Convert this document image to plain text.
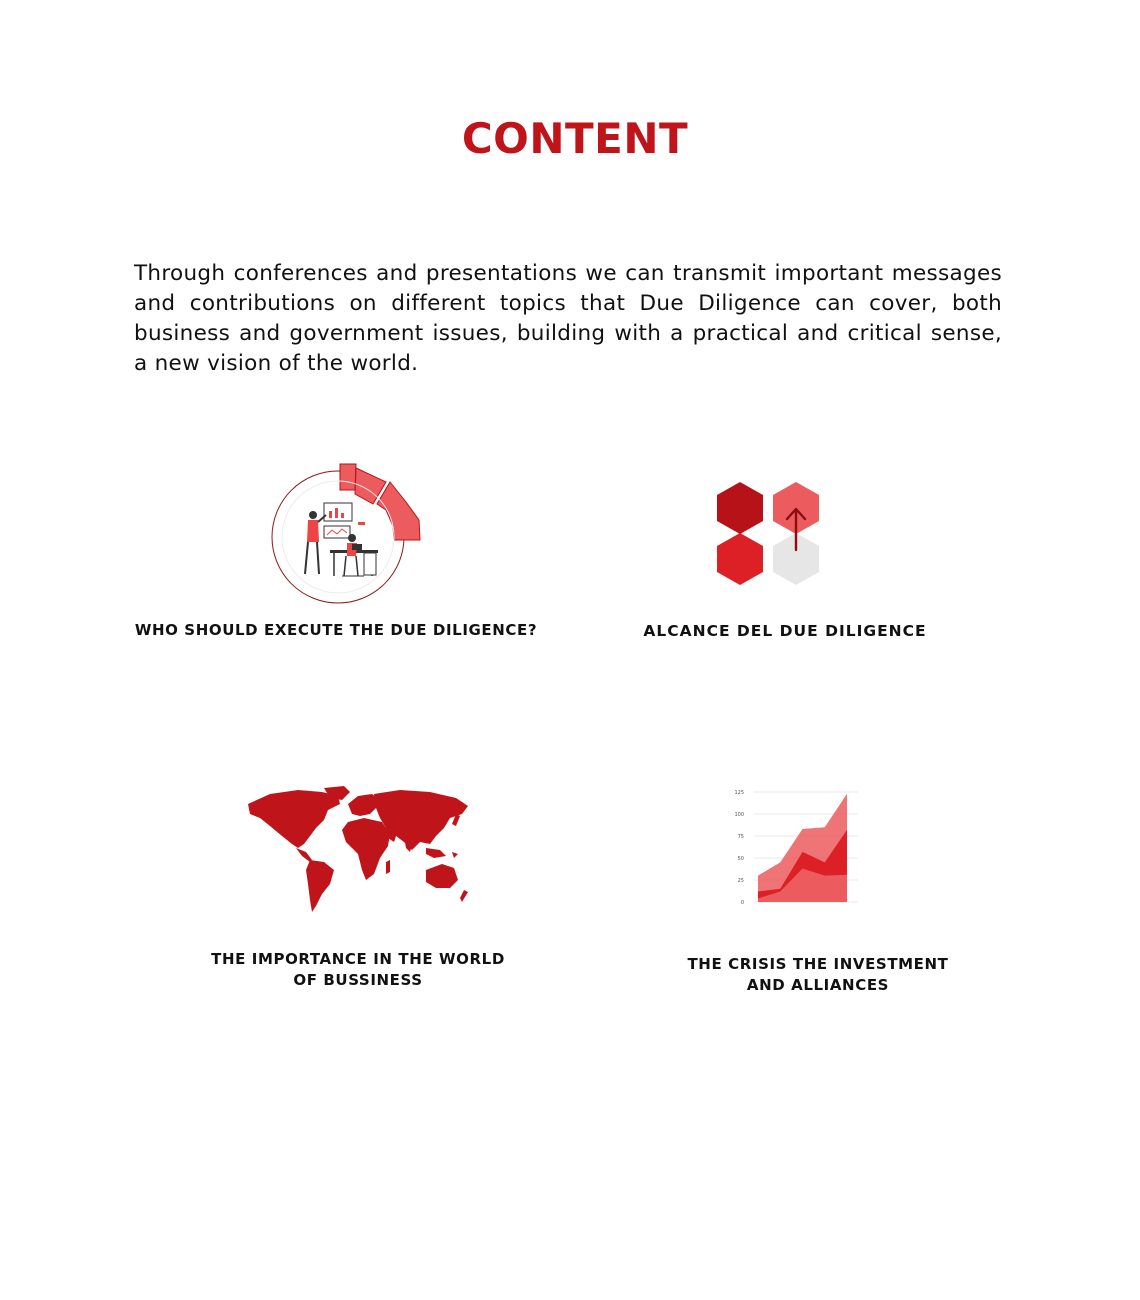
CONTENT

Through conferences and presentations we can transmit important messages and contributions on different topics that Due Diligence can cover, both business and government issues, building with a practical and critical sense, a new vision of the world.

WHO SHOULD EXECUTE THE DUE DILIGENCE?	ALCANCE DEL DUE DILIGENCE

THE IMPORTANCE IN THE WORLD
OF BUSSINESS

0
25
50
75
100
125

THE CRISIS THE INVESTMENT
AND ALLIANCES
